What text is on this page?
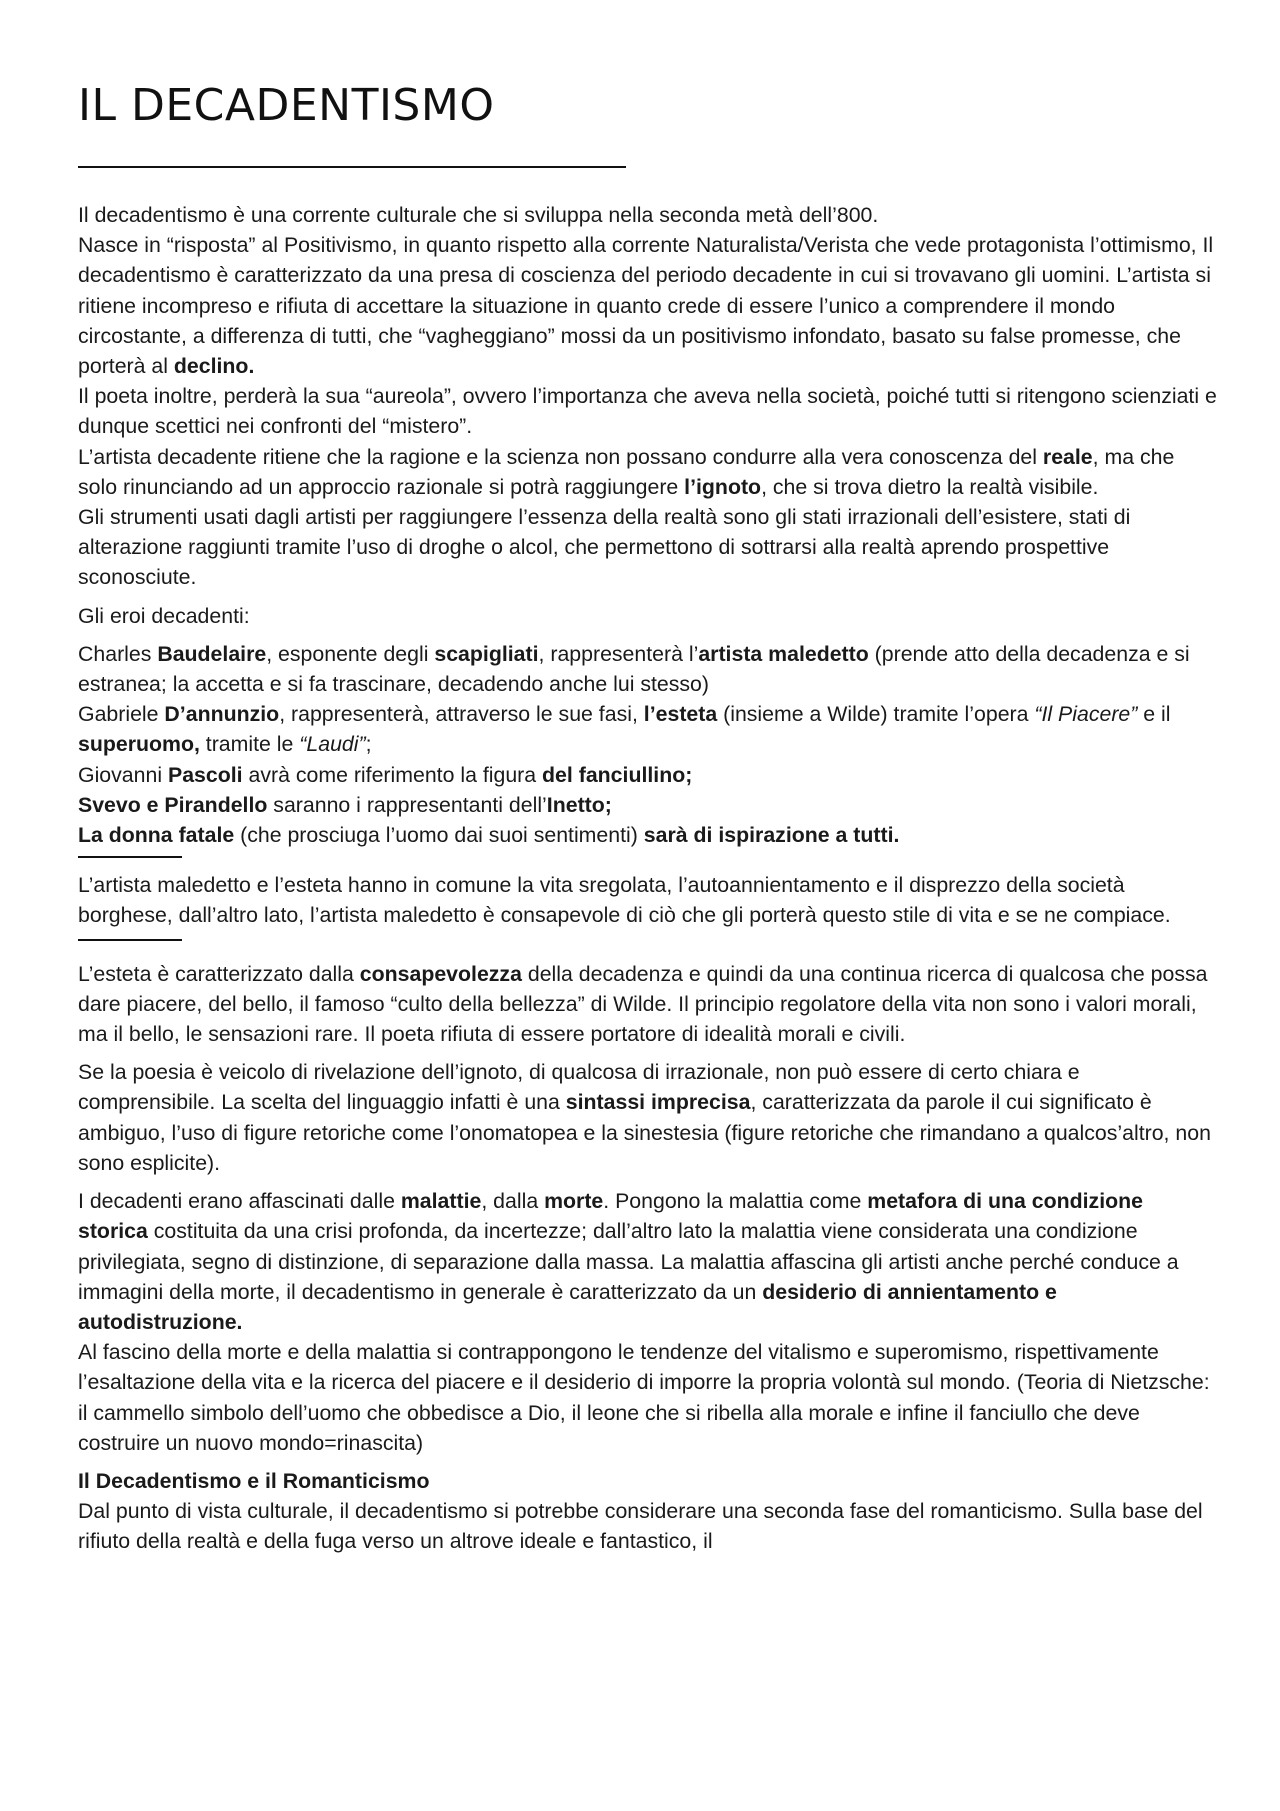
IL DECADENTISMO

Il decadentismo è una corrente culturale che si sviluppa nella seconda metà dell’800.
Nasce in “risposta” al Positivismo, in quanto rispetto alla corrente Naturalista/Verista che vede protagonista l’ottimismo, Il decadentismo è caratterizzato da una presa di coscienza del periodo decadente in cui si trovavano gli uomini. L’artista si ritiene incompreso e rifiuta di accettare la situazione in quanto crede di essere l’unico a comprendere il mondo circostante, a differenza di tutti, che “vagheggiano” mossi da un positivismo infondato, basato su false promesse, che porterà al declino.

Il poeta inoltre, perderà la sua “aureola”, ovvero l’importanza che aveva nella società, poiché tutti si ritengono scienziati e dunque scettici nei confronti del “mistero”.

L’artista decadente ritiene che la ragione e la scienza non possano condurre alla vera conoscenza del reale, ma che solo rinunciando ad un approccio razionale si potrà raggiungere l’ignoto, che si trova dietro la realtà visibile.

Gli strumenti usati dagli artisti per raggiungere l’essenza della realtà sono gli stati irrazionali dell’esistere, stati di alterazione raggiunti tramite l’uso di droghe o alcol, che permettono di sottrarsi alla realtà aprendo prospettive sconosciute.

Gli eroi decadenti:

Charles Baudelaire, esponente degli scapigliati, rappresenterà l’artista maledetto (prende atto della decadenza e si estranea; la accetta e si fa trascinare, decadendo anche lui stesso)

Gabriele D’annunzio, rappresenterà, attraverso le sue fasi, l’esteta (insieme a Wilde) tramite l’opera “Il Piacere” e il superuomo, tramite le “Laudi”;

Giovanni Pascoli avrà come riferimento la figura del fanciullino;

Svevo e Pirandello saranno i rappresentanti dell’Inetto;

La donna fatale (che prosciuga l’uomo dai suoi sentimenti) sarà di ispirazione a tutti.

L’artista maledetto e l’esteta hanno in comune la vita sregolata, l’autoannientamento e il disprezzo della società borghese, dall’altro lato, l’artista maledetto è consapevole di ciò che gli porterà questo stile di vita e se ne compiace.

L’esteta è caratterizzato dalla consapevolezza della decadenza e quindi da una continua ricerca di qualcosa che possa dare piacere, del bello, il famoso “culto della bellezza” di Wilde. Il principio regolatore della vita non sono i valori morali, ma il bello, le sensazioni rare. Il poeta rifiuta di essere portatore di idealità morali e civili.

Se la poesia è veicolo di rivelazione dell’ignoto, di qualcosa di irrazionale, non può essere di certo chiara e comprensibile. La scelta del linguaggio infatti è una sintassi imprecisa, caratterizzata da parole il cui significato è ambiguo, l’uso di figure retoriche come l’onomatopea e la sinestesia (figure retoriche che rimandano a qualcos’altro, non sono esplicite).

I decadenti erano affascinati dalle malattie, dalla morte. Pongono la malattia come metafora di una condizione storica costituita da una crisi profonda, da incertezze; dall’altro lato la malattia viene considerata una condizione privilegiata, segno di distinzione, di separazione dalla massa. La malattia affascina gli artisti anche perché conduce a immagini della morte, il decadentismo in generale è caratterizzato da un desiderio di annientamento e autodistruzione.

Al fascino della morte e della malattia si contrappongono le tendenze del vitalismo e superomismo, rispettivamente l’esaltazione della vita e la ricerca del piacere e il desiderio di imporre la propria volontà sul mondo. (Teoria di Nietzsche: il cammello simbolo dell’uomo che obbedisce a Dio, il leone che si ribella alla morale e infine il fanciullo che deve costruire un nuovo mondo=rinascita)

Il Decadentismo e il Romanticismo

Dal punto di vista culturale, il decadentismo si potrebbe considerare una seconda fase del romanticismo. Sulla base del rifiuto della realtà e della fuga verso un altrove ideale e fantastico, il
